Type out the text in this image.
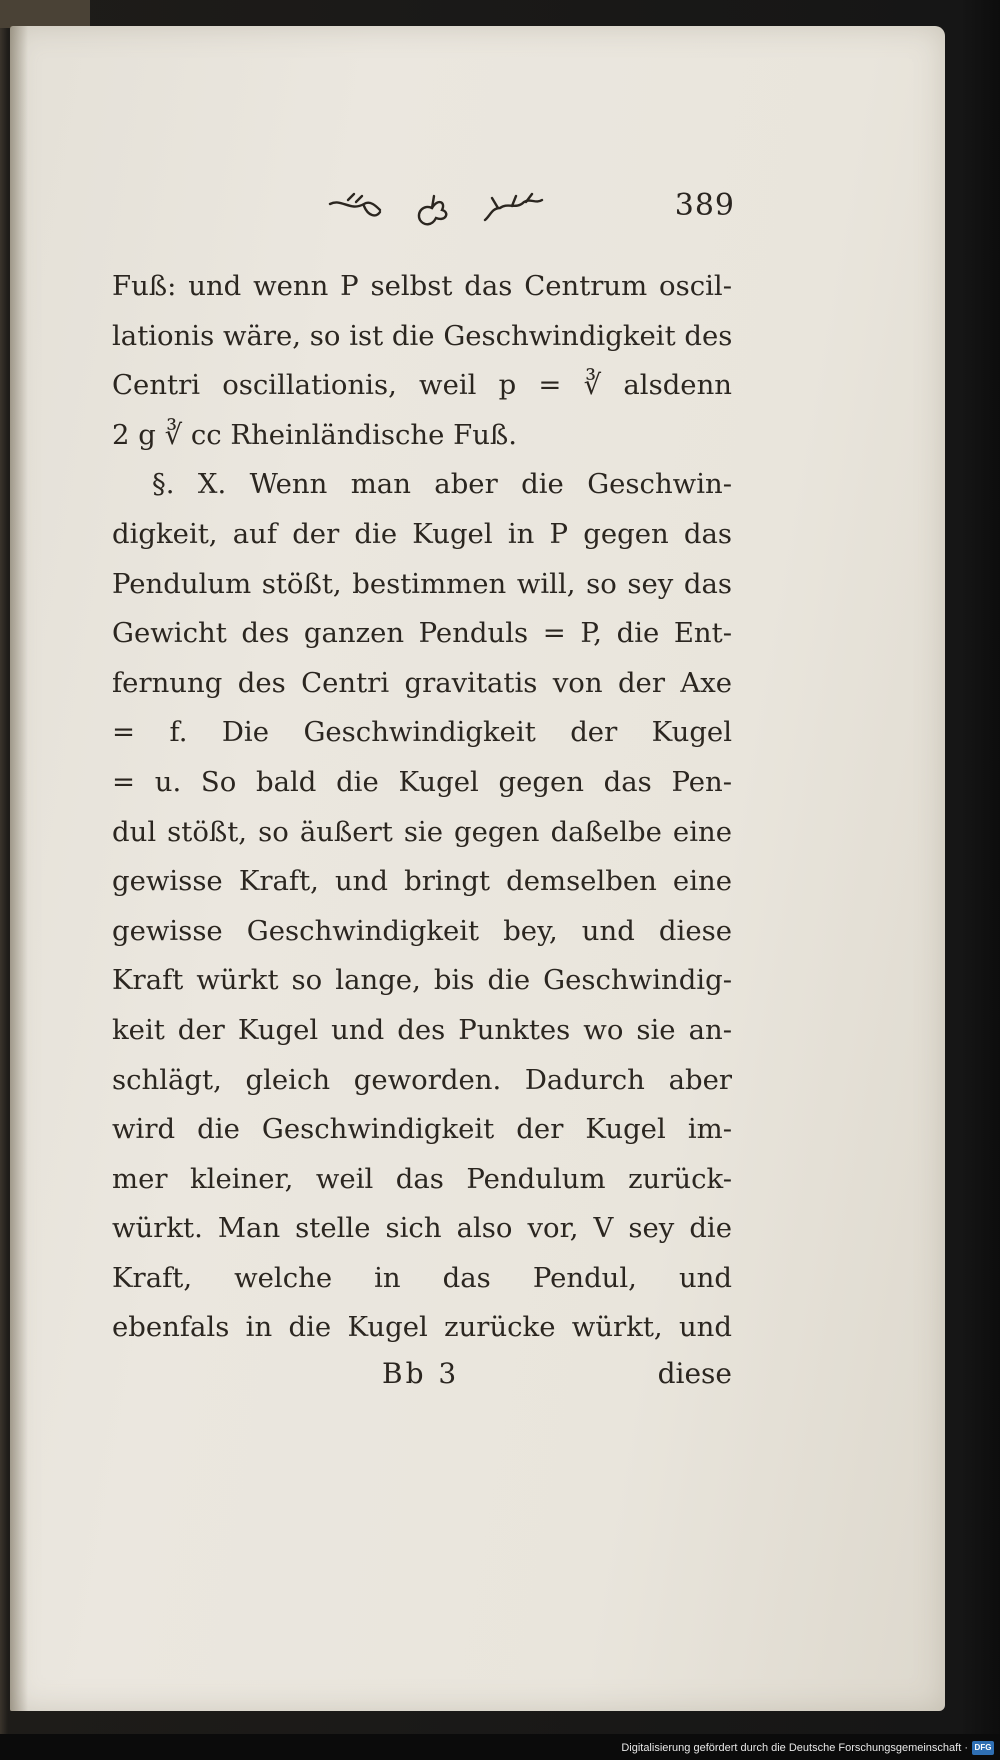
389
Fuß: und wenn P selbst das Centrum oscil-
lationis wäre, so ist die Geschwindigkeit des
Centri oscillationis, weil p = ∛ alsdenn
2 g ∛ cc Rheinländische Fuß.
§. X. Wenn man aber die Geschwin-
digkeit, auf der die Kugel in P gegen das
Pendulum stößt, bestimmen will, so sey das
Gewicht des ganzen Penduls = P, die Ent-
fernung des Centri gravitatis von der Axe
= f. Die Geschwindigkeit der Kugel
= u. So bald die Kugel gegen das Pen-
dul stößt, so äußert sie gegen daßelbe eine
gewisse Kraft, und bringt demselben eine
gewisse Geschwindigkeit bey, und diese
Kraft würkt so lange, bis die Geschwindig-
keit der Kugel und des Punktes wo sie an-
schlägt, gleich geworden. Dadurch aber
wird die Geschwindigkeit der Kugel im-
mer kleiner, weil das Pendulum zurück-
würkt. Man stelle sich also vor, V sey die
Kraft, welche in das Pendul, und
ebenfals in die Kugel zurücke würkt, und
Bb 3	diese
Digitalisierung gefördert durch die Deutsche Forschungsgemeinschaft · DFG
